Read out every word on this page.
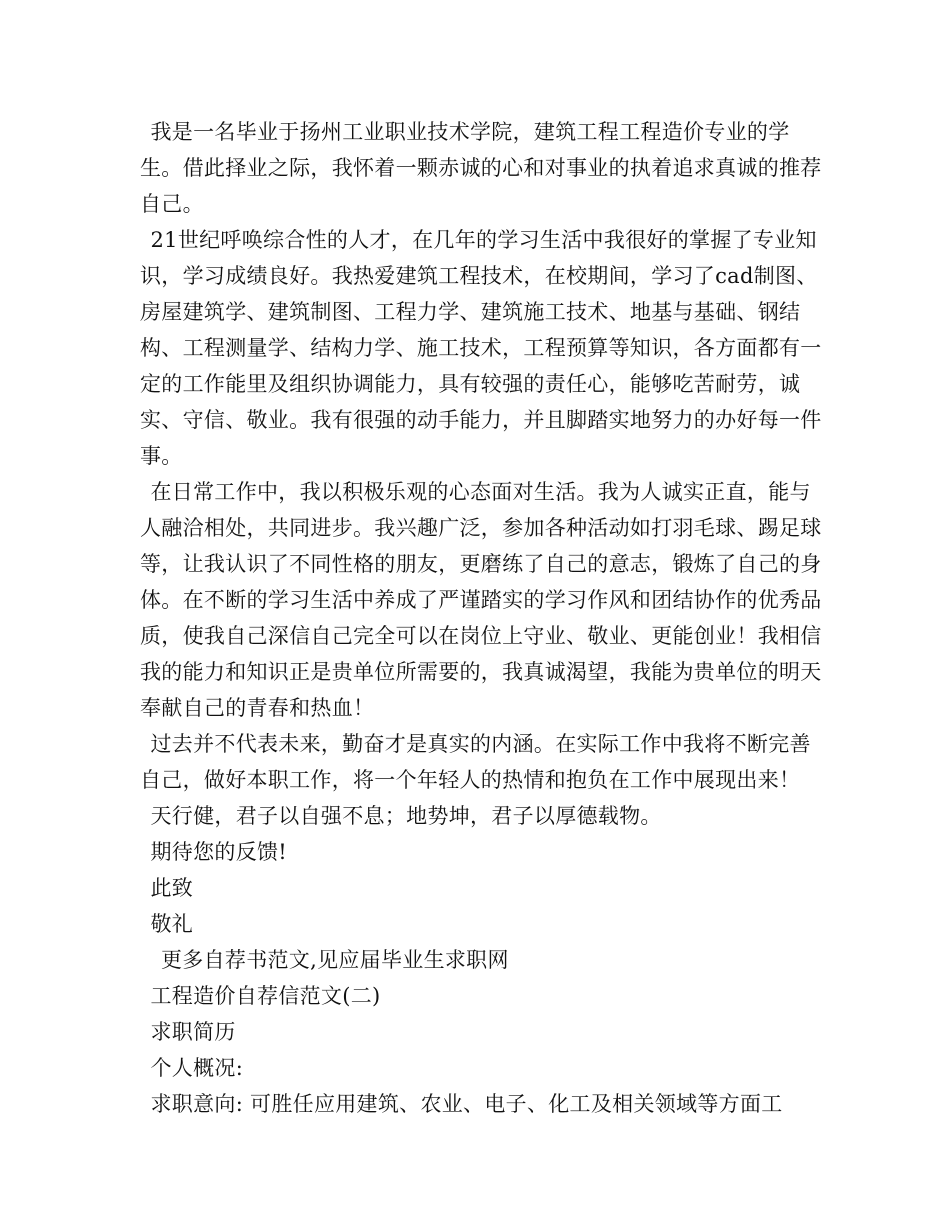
我是一名毕业于扬州工业职业技术学院，建筑工程工程造价专业的学生。借此择业之际，我怀着一颗赤诚的心和对事业的执着追求真诚的推荐自己。

21世纪呼唤综合性的人才，在几年的学习生活中我很好的掌握了专业知识，学习成绩良好。我热爱建筑工程技术，在校期间，学习了cad制图、房屋建筑学、建筑制图、工程力学、建筑施工技术、地基与基础、钢结构、工程测量学、结构力学、施工技术，工程预算等知识，各方面都有一定的工作能里及组织协调能力，具有较强的责任心，能够吃苦耐劳，诚实、守信、敬业。我有很强的动手能力，并且脚踏实地努力的办好每一件事。

在日常工作中，我以积极乐观的心态面对生活。我为人诚实正直，能与人融洽相处，共同进步。我兴趣广泛，参加各种活动如打羽毛球、踢足球等，让我认识了不同性格的朋友，更磨练了自己的意志，锻炼了自己的身体。在不断的学习生活中养成了严谨踏实的学习作风和团结协作的优秀品质，使我自己深信自己完全可以在岗位上守业、敬业、更能创业！我相信我的能力和知识正是贵单位所需要的，我真诚渴望，我能为贵单位的明天奉献自己的青春和热血！

过去并不代表未来，勤奋才是真实的内涵。在实际工作中我将不断完善自己，做好本职工作，将一个年轻人的热情和抱负在工作中展现出来！

天行健，君子以自强不息；地势坤，君子以厚德载物。

期待您的反馈!

此致

敬礼

更多自荐书范文,见应届毕业生求职网

工程造价自荐信范文(二)

求职简历

个人概况:

求职意向: 可胜任应用建筑、农业、电子、化工及相关领域等方面工
